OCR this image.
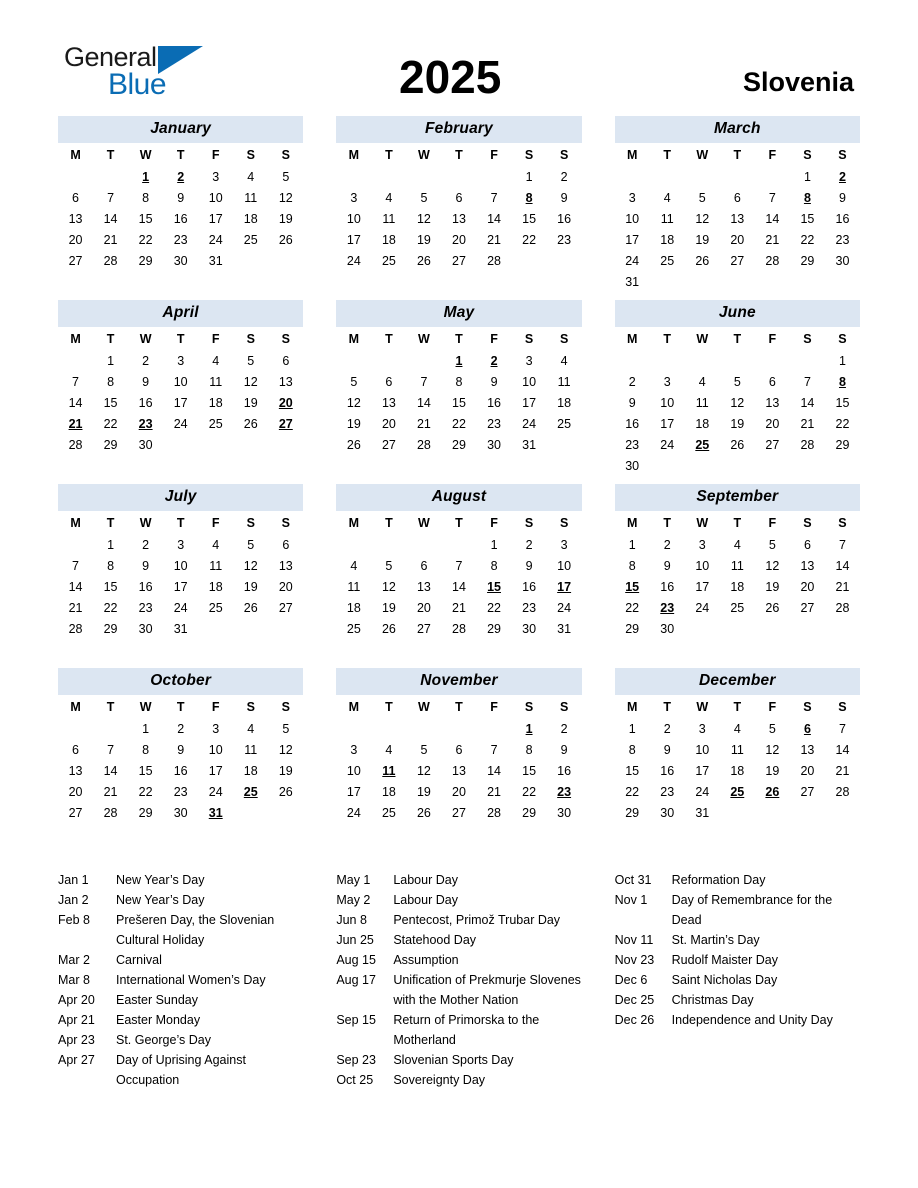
General
Blue	2025	Slovenia
January
M	T	W	T	F	S	S
		1	2	3	4	5
6	7	8	9	10	11	12
13	14	15	16	17	18	19
20	21	22	23	24	25	26
27	28	29	30	31		

February
M	T	W	T	F	S	S
					1	2
3	4	5	6	7	8	9
10	11	12	13	14	15	16
17	18	19	20	21	22	23
24	25	26	27	28		

March
M	T	W	T	F	S	S
					1	2
3	4	5	6	7	8	9
10	11	12	13	14	15	16
17	18	19	20	21	22	23
24	25	26	27	28	29	30
31						
April
M	T	W	T	F	S	S
	1	2	3	4	5	6
7	8	9	10	11	12	13
14	15	16	17	18	19	20
21	22	23	24	25	26	27
28	29	30				

May
M	T	W	T	F	S	S
			1	2	3	4
5	6	7	8	9	10	11
12	13	14	15	16	17	18
19	20	21	22	23	24	25
26	27	28	29	30	31	

June
M	T	W	T	F	S	S
						1
2	3	4	5	6	7	8
9	10	11	12	13	14	15
16	17	18	19	20	21	22
23	24	25	26	27	28	29
30						
July
M	T	W	T	F	S	S
	1	2	3	4	5	6
7	8	9	10	11	12	13
14	15	16	17	18	19	20
21	22	23	24	25	26	27
28	29	30	31			

August
M	T	W	T	F	S	S
				1	2	3
4	5	6	7	8	9	10
11	12	13	14	15	16	17
18	19	20	21	22	23	24
25	26	27	28	29	30	31

September
M	T	W	T	F	S	S
1	2	3	4	5	6	7
8	9	10	11	12	13	14
15	16	17	18	19	20	21
22	23	24	25	26	27	28
29	30					

October
M	T	W	T	F	S	S
		1	2	3	4	5
6	7	8	9	10	11	12
13	14	15	16	17	18	19
20	21	22	23	24	25	26
27	28	29	30	31		

November
M	T	W	T	F	S	S
					1	2
3	4	5	6	7	8	9
10	11	12	13	14	15	16
17	18	19	20	21	22	23
24	25	26	27	28	29	30

December
M	T	W	T	F	S	S
1	2	3	4	5	6	7
8	9	10	11	12	13	14
15	16	17	18	19	20	21
22	23	24	25	26	27	28
29	30	31				

Jan 1	New Year’s Day
Jan 2	New Year’s Day
Feb 8	Prešeren Day, the Slovenian Cultural Holiday
Mar 2	Carnival
Mar 8	International Women’s Day
Apr 20	Easter Sunday
Apr 21	Easter Monday
Apr 23	St. George’s Day
Apr 27	Day of Uprising Against Occupation
May 1	Labour Day
May 2	Labour Day
Jun 8	Pentecost, Primož Trubar Day
Jun 25	Statehood Day
Aug 15	Assumption
Aug 17	Unification of Prekmurje Slovenes with the Mother Nation
Sep 15	Return of Primorska to the Motherland
Sep 23	Slovenian Sports Day
Oct 25	Sovereignty Day
Oct 31	Reformation Day
Nov 1	Day of Remembrance for the Dead
Nov 11	St. Martin’s Day
Nov 23	Rudolf Maister Day
Dec 6	Saint Nicholas Day
Dec 25	Christmas Day
Dec 26	Independence and Unity Day
